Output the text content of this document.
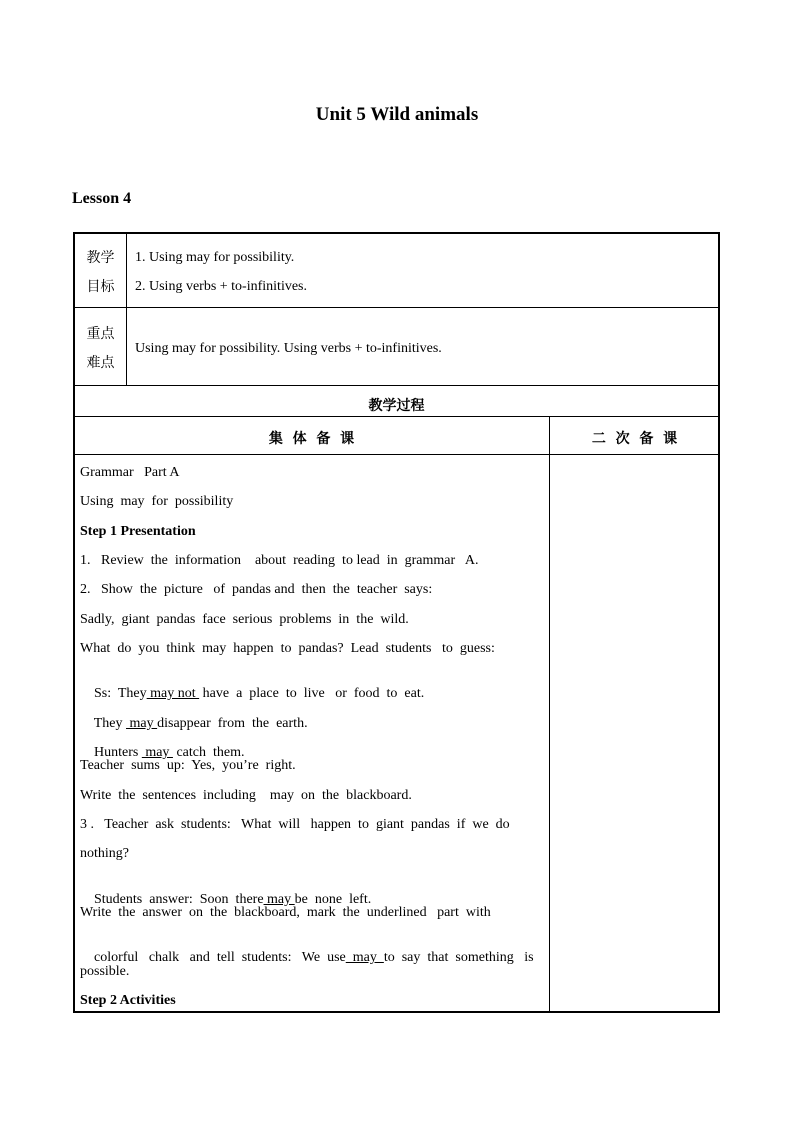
Unit 5 Wild animals
Lesson 4
教学
目标
1. Using may for possibility.
2. Using verbs + to-infinitives.
重点
难点
Using may for possibility. Using verbs + to-infinitives.
教学过程
集  体  备  课	二  次  备  课
Grammar   Part A
Using  may  for  possibility
Step 1 Presentation
1.   Review  the  information    about  reading  to lead  in  grammar   A.
2.   Show  the  picture   of  pandas and  then  the  teacher  says:
Sadly,  giant  pandas  face  serious  problems  in  the  wild.
What  do  you  think  may  happen  to  pandas?  Lead  students   to  guess:

Ss:  They may not  have  a  place  to  live   or  food  to  eat.

They  may disappear  from  the  earth.

Hunters  may  catch  them.

Teacher  sums  up:  Yes,  you’re  right.
Write  the  sentences  including    may  on  the  blackboard.
3 .   Teacher  ask  students:   What  will   happen  to  giant  pandas  if  we  do
nothing?

Students  answer:  Soon  there may be  none  left.

Write  the  answer  on  the  blackboard,  mark  the  underlined   part  with

colorful   chalk   and  tell  students:   We  use  may  to  say  that  something   is

possible.
Step 2 Activities
